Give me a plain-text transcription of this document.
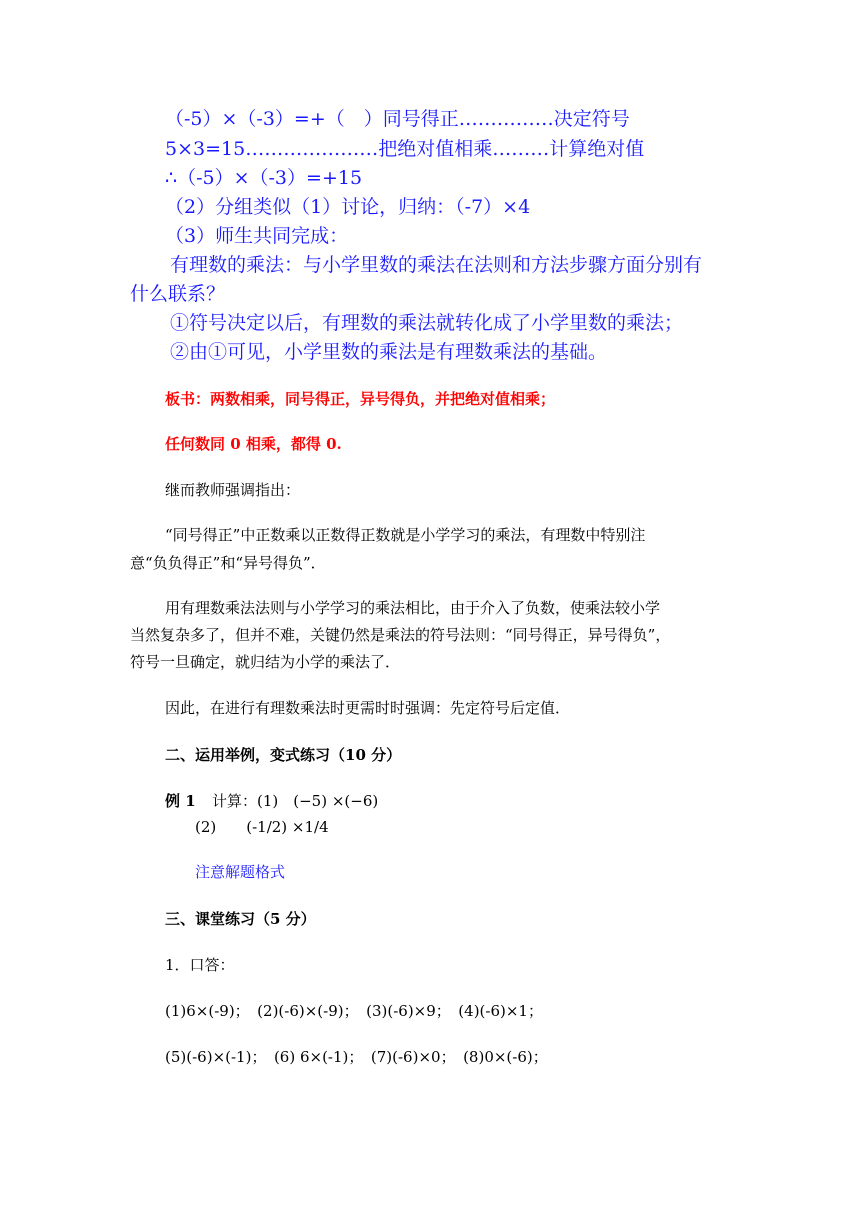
（-5）×（-3）=+（　）同号得正……………决定符号
5×3=15…………………把绝对值相乘………计算绝对值
∴（-5）×（-3）=+15
（2）分组类似（1）讨论，归纳：（-7）×4
（3）师生共同完成：
有理数的乘法：与小学里数的乘法在法则和方法步骤方面分别有
什么联系？
①符号决定以后，有理数的乘法就转化成了小学里数的乘法；
②由①可见，小学里数的乘法是有理数乘法的基础。
板书：两数相乘，同号得正，异号得负，并把绝对值相乘；
任何数同 0 相乘，都得 0.
继而教师强调指出：
“同号得正”中正数乘以正数得正数就是小学学习的乘法，有理数中特别注
意“负负得正”和“异号得负”．
用有理数乘法法则与小学学习的乘法相比，由于介入了负数，使乘法较小学
当然复杂多了，但并不难，关键仍然是乘法的符号法则：“同号得正，异号得负”，
符号一旦确定，就归结为小学的乘法了．
因此，在进行有理数乘法时更需时时强调：先定符号后定值．
二、运用举例，变式练习（10 分）
例 1 计算：(1)　(−5) ×(−6)
(2)　　(-1/2) ×1/4
注意解题格式
三、课堂练习（5 分）
1．口答：
(1)6×(-9)；　(2)(-6)×(-9)；　(3)(-6)×9；　(4)(-6)×1；
(5)(-6)×(-1)；　(6) 6×(-1)；　(7)(-6)×0；　(8)0×(-6)；
